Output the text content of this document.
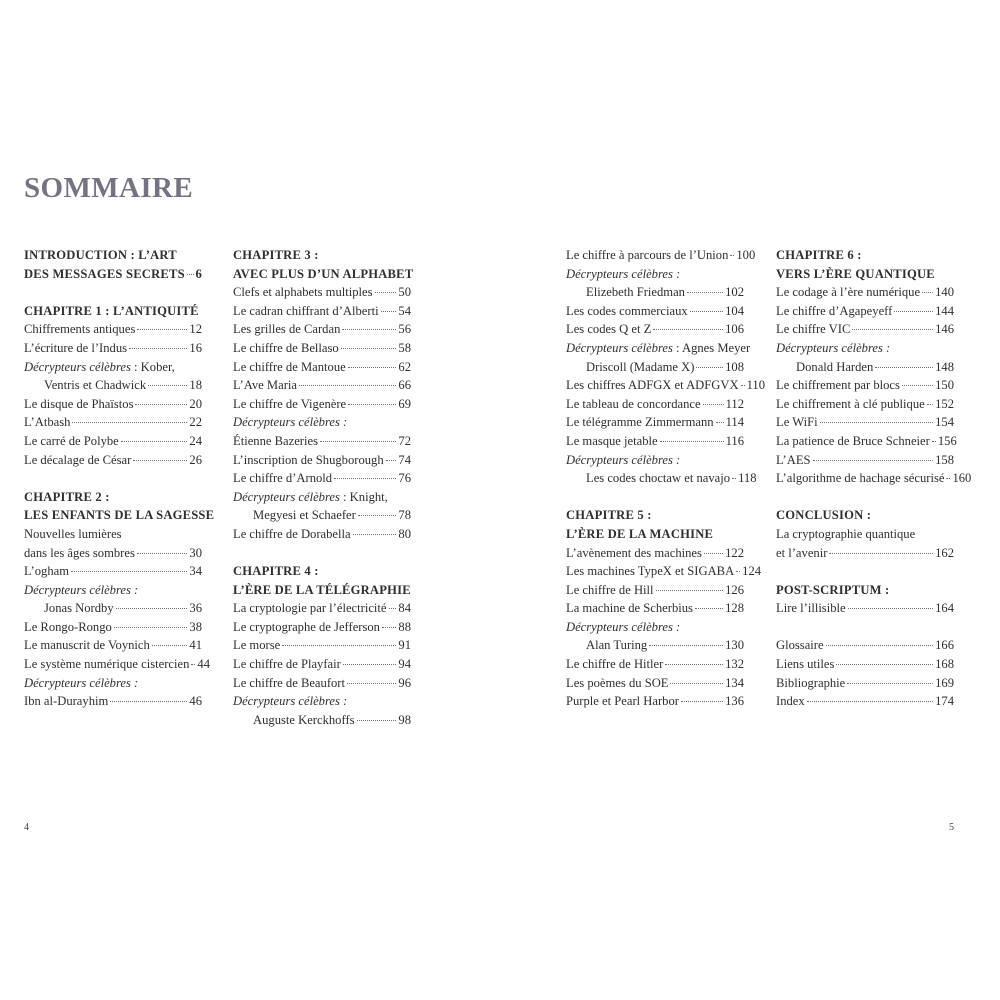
SOMMAIRE
INTRODUCTION : L’ART
DES MESSAGES SECRETS 6
CHAPITRE 1 : L’ANTIQUITÉ
Chiffrements antiques	12
L’écriture de l’Indus	16
Décrypteurs célèbres : Kober,
Ventris et Chadwick	18
Le disque de Phaïstos	20
L’Atbash	22
Le carré de Polybe	24
Le décalage de César	26
CHAPITRE 2 :
LES ENFANTS DE LA SAGESSE
Nouvelles lumières
dans les âges sombres	30
L’ogham	34
Décrypteurs célèbres :
Jonas Nordby	36
Le Rongo-Rongo	38
Le manuscrit de Voynich	41
Le système numérique cistercien 44
Décrypteurs célèbres :
Ibn al-Durayhim	46
CHAPITRE 3 :
AVEC PLUS D’UN ALPHABET
Clefs et alphabets multiples 50
Le cadran chiffrant d’Alberti 54
Les grilles de Cardan	56
Le chiffre de Bellaso	58
Le chiffre de Mantoue	62
L’Ave Maria	66
Le chiffre de Vigenère	69
Décrypteurs célèbres :
Étienne Bazeries	72
L’inscription de Shugborough 74
Le chiffre d’Arnold	76
Décrypteurs célèbres : Knight,
Megyesi et Schaefer	78
Le chiffre de Dorabella	80
CHAPITRE 4 :
L’ÈRE DE LA TÉLÉGRAPHIE
La cryptologie par l’électricité 84
Le cryptographe de Jefferson 88
Le morse	91
Le chiffre de Playfair	94
Le chiffre de Beaufort	96
Décrypteurs célèbres :
Auguste Kerckhoffs	98
Le chiffre à parcours de l’Union 100
Décrypteurs célèbres :
Elizebeth Friedman	102
Les codes commerciaux	104
Les codes Q et Z	106
Décrypteurs célèbres : Agnes Meyer
Driscoll (Madame X) 108
Les chiffres ADFGX et ADFGVX 110
Le tableau de concordance 112
Le télégramme Zimmermann 114
Le masque jetable	116
Décrypteurs célèbres :
Les codes choctaw et navajo 118
CHAPITRE 5 :
L’ÈRE DE LA MACHINE
L’avènement des machines 122
Les machines TypeX et SIGABA 124
Le chiffre de Hill	126
La machine de Scherbius	128
Décrypteurs célèbres :
Alan Turing	130
Le chiffre de Hitler	132
Les poèmes du SOE	134
Purple et Pearl Harbor	136
CHAPITRE 6 :
VERS L’ÈRE QUANTIQUE
Le codage à l’ère numérique 140
Le chiffre d’Agapeyeff	144
Le chiffre VIC	146
Décrypteurs célèbres :
Donald Harden	148
Le chiffrement par blocs	150
Le chiffrement à clé publique 152
Le WiFi	154
La patience de Bruce Schneier 156
L’AES	158
L’algorithme de hachage sécurisé 160
CONCLUSION :
La cryptographie quantique
et l’avenir	162
POST-SCRIPTUM :
Lire l’illisible	164
Glossaire	166
Liens utiles	168
Bibliographie	169
Index	174
4	5
